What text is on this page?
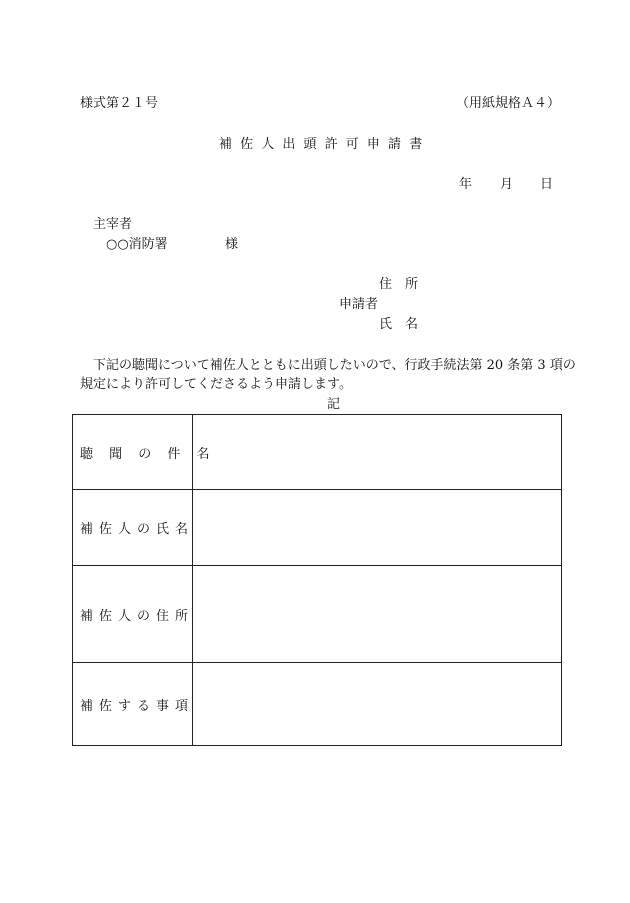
様式第２１号	（用紙規格Ａ４）
補 佐 人 出 頭 許 可 申 請 書
年 月 日
主宰者
○○消防署	様
住　所
申請者
氏　名
下記の聴聞について補佐人とともに出頭したいので、行政手続法第 20 条第 3 項の
規定により許可してくださるよう申請します。
記
聴 聞 の 件 名	
補佐人の氏名	
補佐人の住所	
補佐する事項	
